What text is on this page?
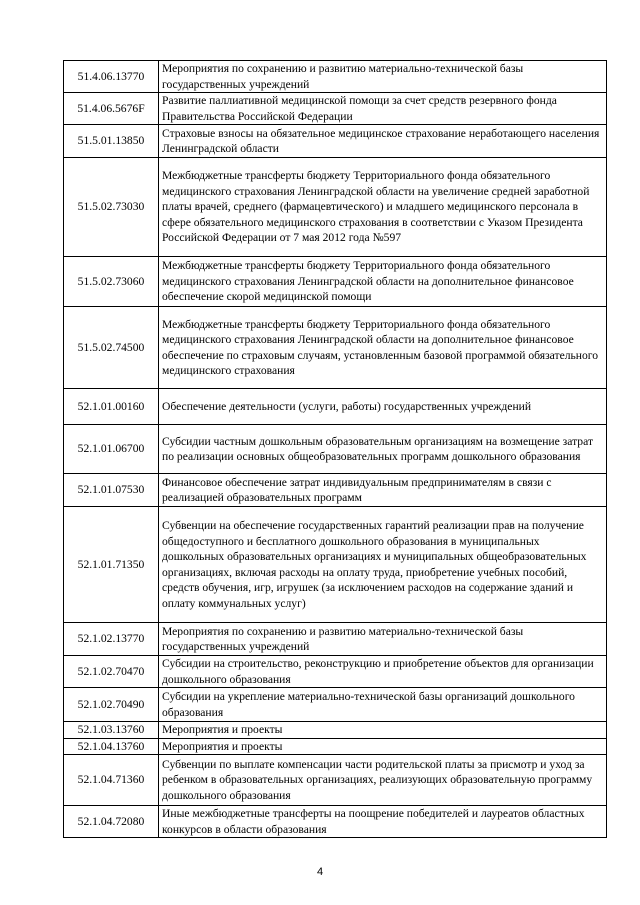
51.4.06.13770	Мероприятия по сохранению и развитию материально-технической базы государственных учреждений
51.4.06.5676F	Развитие паллиативной медицинской помощи за счет средств резервного фонда Правительства Российской Федерации
51.5.01.13850	Страховые взносы на обязательное медицинское страхование неработающего населения Ленинградской области
51.5.02.73030	Межбюджетные трансферты бюджету Территориального фонда обязательного медицинского страхования Ленинградской области на увеличение средней заработной платы врачей, среднего (фармацевтического) и младшего медицинского персонала в сфере обязательного медицинского страхования в соответствии с Указом Президента Российской Федерации от 7 мая 2012 года №597
51.5.02.73060	Межбюджетные трансферты бюджету Территориального фонда обязательного медицинского страхования Ленинградской области на дополнительное финансовое обеспечение скорой медицинской помощи
51.5.02.74500	Межбюджетные трансферты бюджету Территориального фонда обязательного медицинского страхования Ленинградской области на дополнительное финансовое обеспечение по страховым случаям, установленным базовой программой обязательного медицинского страхования
52.1.01.00160	Обеспечение деятельности (услуги, работы) государственных учреждений
52.1.01.06700	Субсидии частным дошкольным образовательным организациям на возмещение затрат по реализации основных общеобразовательных программ дошкольного образования
52.1.01.07530	Финансовое обеспечение затрат индивидуальным предпринимателям в связи с реализацией образовательных программ
52.1.01.71350	Субвенции на обеспечение государственных гарантий реализации прав на получение общедоступного и бесплатного дошкольного образования в муниципальных дошкольных образовательных организациях и муниципальных общеобразовательных организациях, включая расходы на оплату труда, приобретение учебных пособий, средств обучения, игр, игрушек (за исключением расходов на содержание зданий и оплату коммунальных услуг)
52.1.02.13770	Мероприятия по сохранению и развитию материально-технической базы государственных учреждений
52.1.02.70470	Субсидии на строительство, реконструкцию и приобретение объектов для организации дошкольного образования
52.1.02.70490	Субсидии на укрепление материально-технической базы организаций дошкольного образования
52.1.03.13760	Мероприятия и проекты
52.1.04.13760	Мероприятия и проекты
52.1.04.71360	Субвенции по выплате компенсации части родительской платы за присмотр и уход за ребенком в образовательных организациях, реализующих образовательную программу дошкольного образования
52.1.04.72080	Иные межбюджетные трансферты на поощрение победителей и лауреатов областных конкурсов в области образования
4
